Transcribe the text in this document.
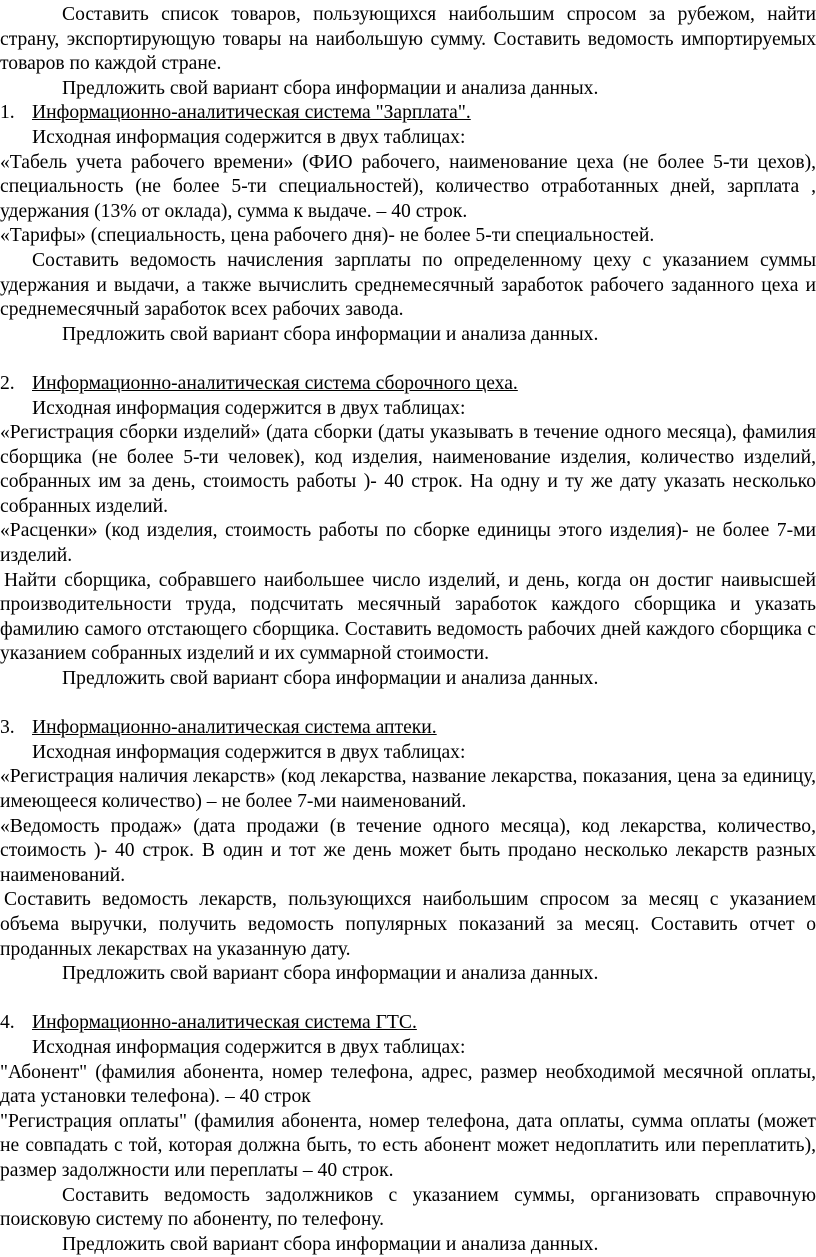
Составить список товаров, пользующихся наибольшим спросом за рубежом, найти страну, экспортирующую товары на наибольшую сумму. Составить ведомость импортируемых товаров по каждой стране.

Предложить свой вариант сбора информации и анализа данных.

1. Информационно-аналитическая система "Зарплата".

Исходная информация содержится в двух таблицах:

«Табель учета рабочего времени» (ФИО рабочего, наименование цеха (не более 5-ти цехов), специальность (не более 5-ти специальностей), количество отработанных дней, зарплата , удержания (13% от оклада), сумма к выдаче. – 40 строк.

«Тарифы» (специальность, цена рабочего дня)- не более 5-ти специальностей.

Составить ведомость начисления зарплаты по определенному цеху с указанием суммы удержания и выдачи, а также вычислить среднемесячный заработок рабочего заданного цеха и среднемесячный заработок всех рабочих завода.

Предложить свой вариант сбора информации и анализа данных.

2. Информационно-аналитическая система сборочного цеха.

Исходная информация содержится в двух таблицах:

«Регистрация сборки изделий» (дата сборки (даты указывать в течение одного месяца), фамилия сборщика (не более 5-ти человек), код изделия, наименование изделия, количество изделий, собранных им за день, стоимость работы )- 40 строк. На одну и ту же дату указать несколько собранных изделий.

«Расценки» (код изделия, стоимость работы по сборке единицы этого изделия)- не более 7-ми изделий.

Найти сборщика, собравшего наибольшее число изделий, и день, когда он достиг наивысшей производительности труда, подсчитать месячный заработок каждого сборщика и указать фамилию самого отстающего сборщика. Составить ведомость рабочих дней каждого сборщика с указанием собранных изделий и их суммарной стоимости.

Предложить свой вариант сбора информации и анализа данных.

3. Информационно-аналитическая система аптеки.

Исходная информация содержится в двух таблицах:

«Регистрация наличия лекарств» (код лекарства, название лекарства, показания, цена за единицу, имеющееся количество) – не более 7-ми наименований.

«Ведомость продаж» (дата продажи (в течение одного месяца), код лекарства, количество, стоимость )- 40 строк. В один и тот же день может быть продано несколько лекарств разных наименований.

Составить ведомость лекарств, пользующихся наибольшим спросом за месяц с указанием объема выручки, получить ведомость популярных показаний за месяц. Составить отчет о проданных лекарствах на указанную дату.

Предложить свой вариант сбора информации и анализа данных.

4. Информационно-аналитическая система ГТС.

Исходная информация содержится в двух таблицах:

"Абонент" (фамилия абонента, номер телефона, адрес, размер необходимой месячной оплаты, дата установки телефона). – 40 строк

"Регистрация оплаты" (фамилия абонента, номер телефона, дата оплаты, сумма оплаты (может не совпадать с той, которая должна быть, то есть абонент может недоплатить или переплатить), размер задолжности или переплаты – 40 строк.

Составить ведомость задолжников с указанием суммы, организовать справочную поисковую систему по абоненту, по телефону.

Предложить свой вариант сбора информации и анализа данных.
